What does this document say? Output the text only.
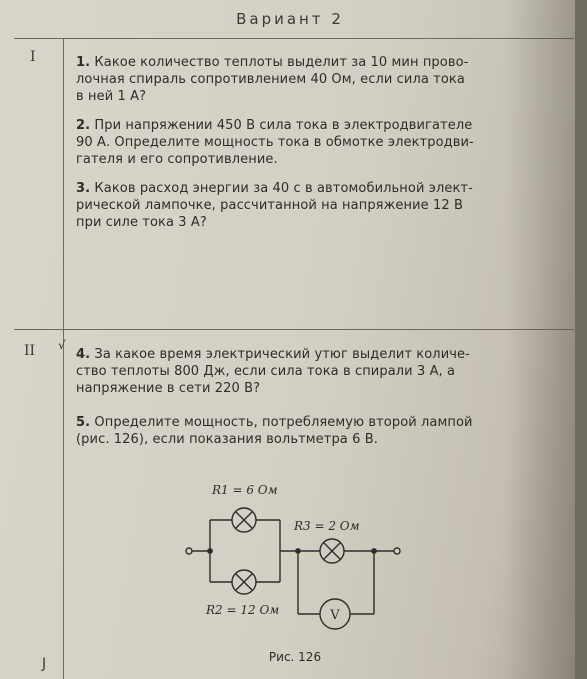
Вариант 2
I
II
1. Какое количество теплоты выделит за 10 мин прово-
лочная спираль сопротивлением 40 Ом, если сила тока
в ней 1 А?
2. При напряжении 450 В сила тока в электродвигателе
90 А. Определите мощность тока в обмотке электродви-
гателя и его сопротивление.
3. Каков расход энергии за 40 с в автомобильной элект-
рической лампочке, рассчитанной на напряжение 12 В
при силе тока 3 А?
√
4. За какое время электрический утюг выделит количе-
ство теплоты 800 Дж, если сила тока в спирали 3 А, а
напряжение в сети 220 В?
5. Определите мощность, потребляемую второй лампой
(рис. 126), если показания вольтметра 6 В.
V
R1 = 6 Ом
R3 = 2 Ом
R2 = 12 Ом
Рис. 126
J
